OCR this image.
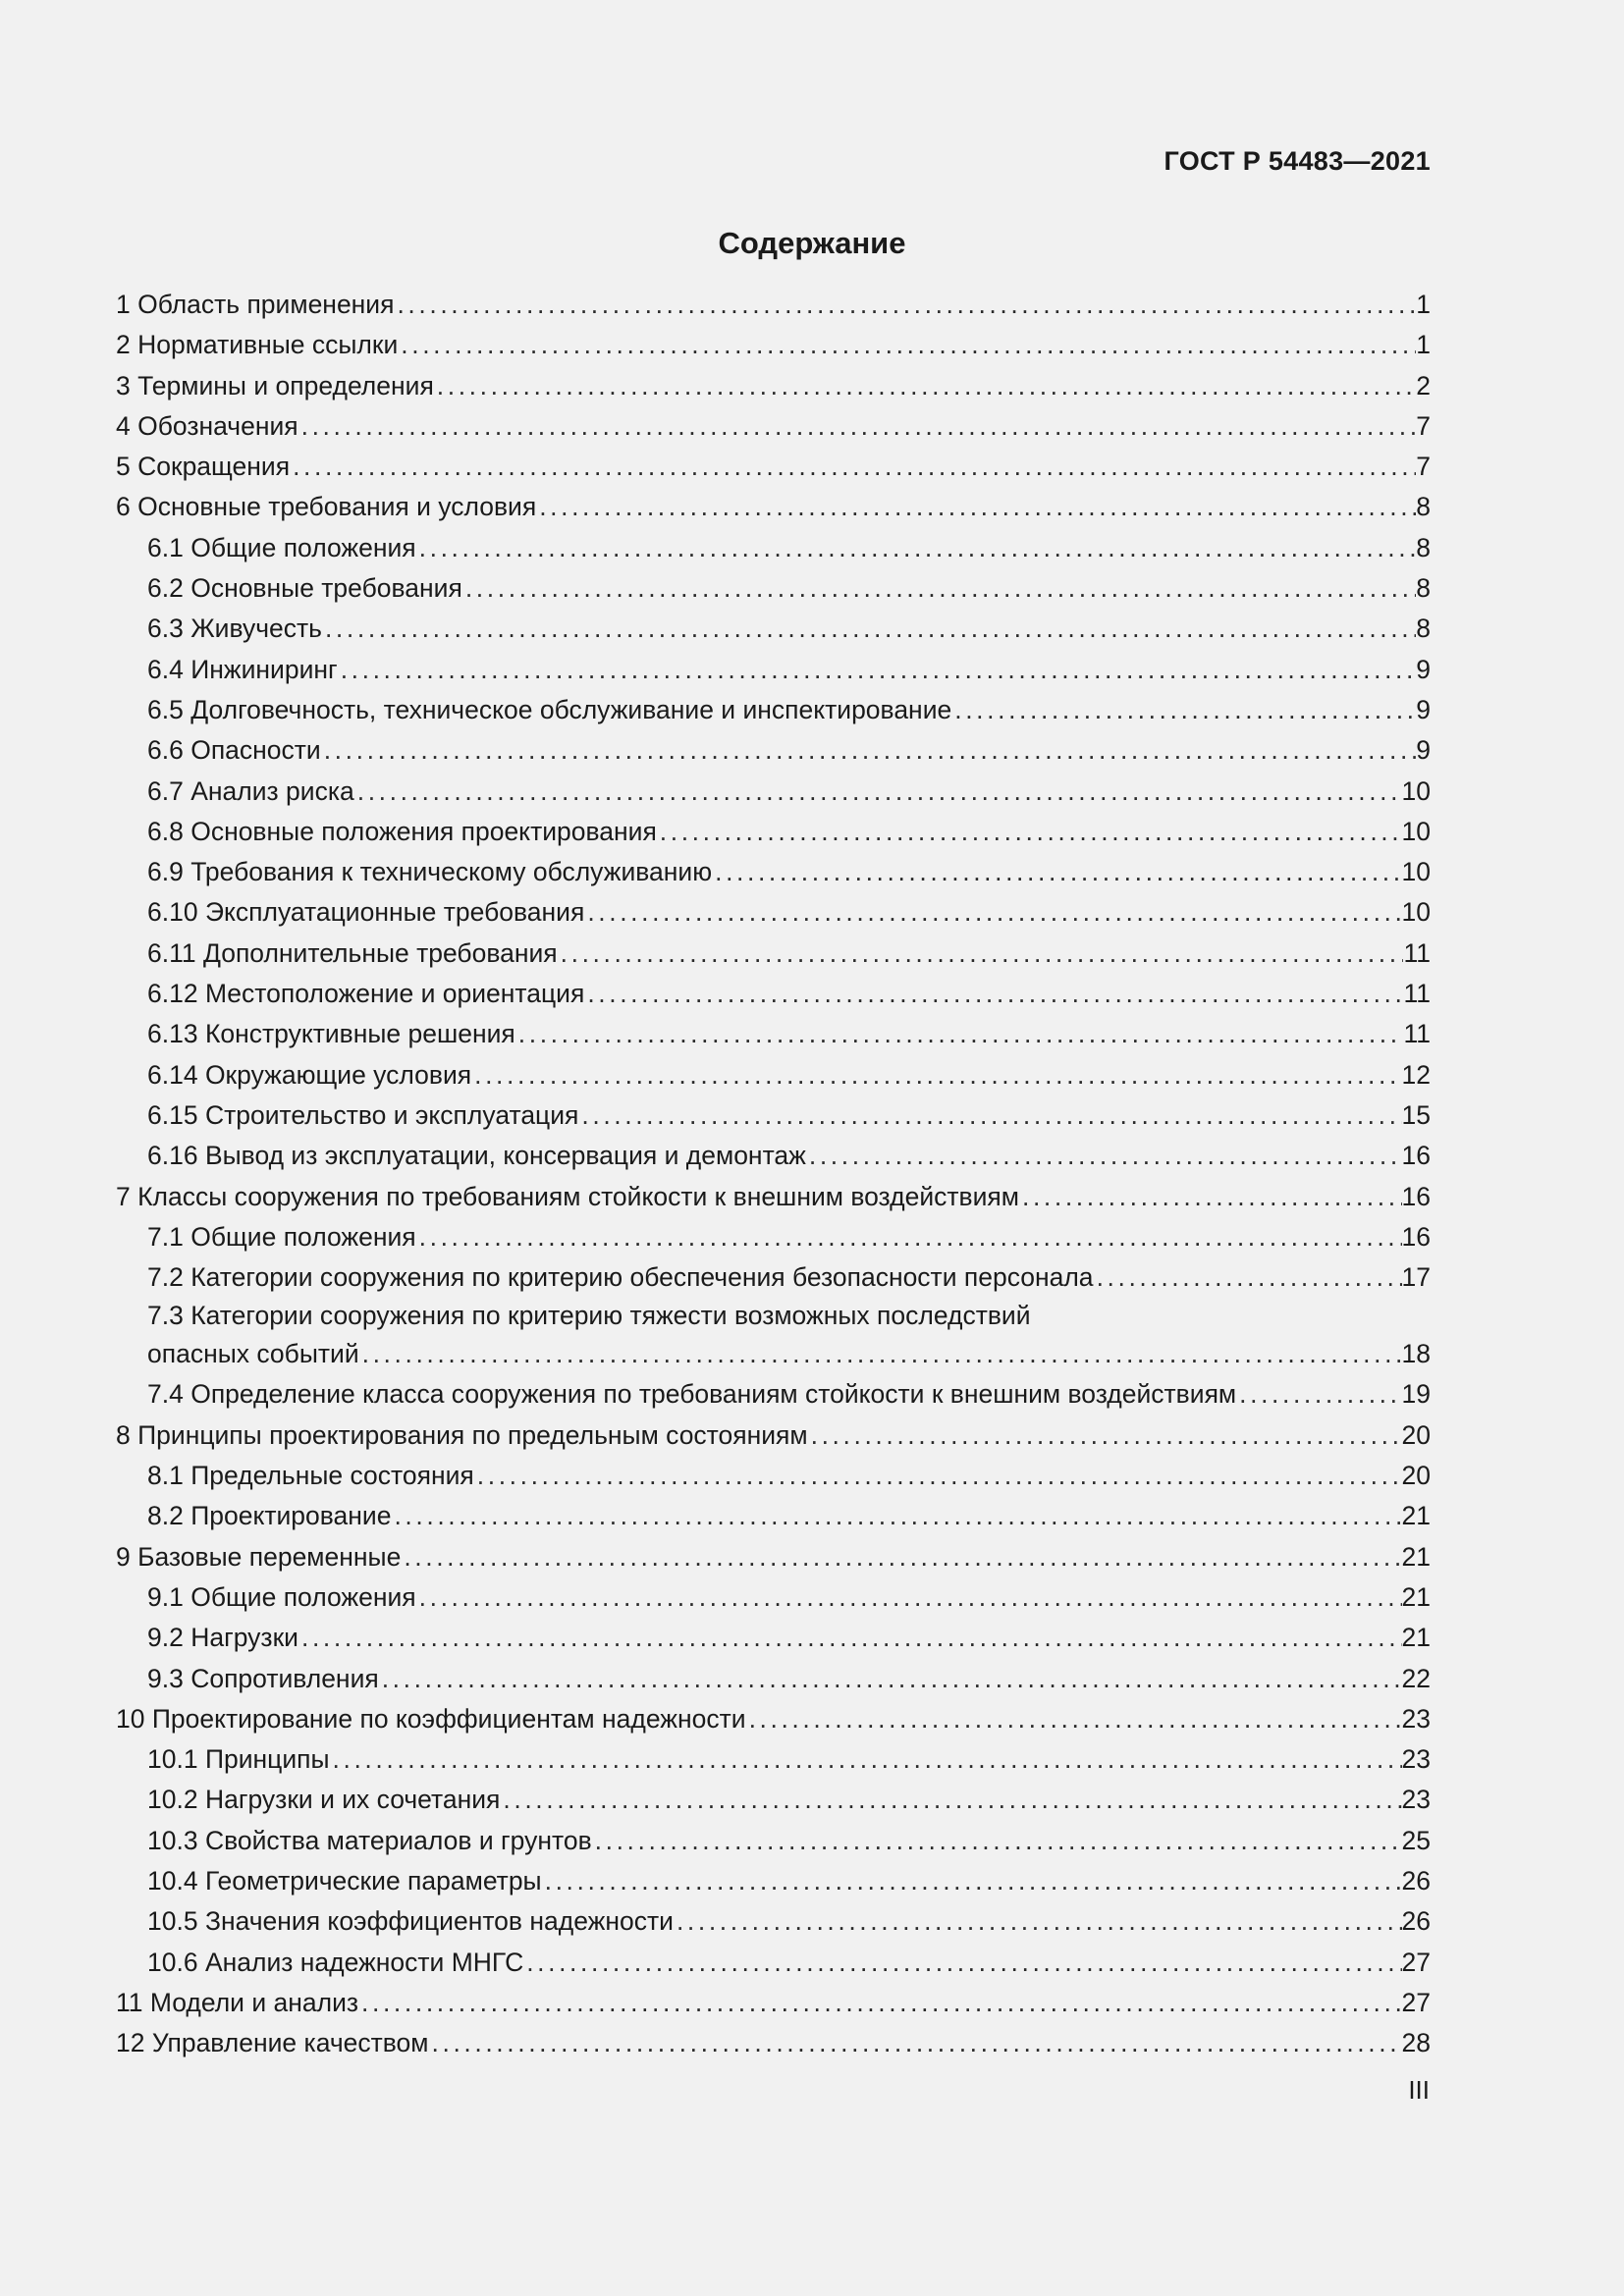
ГОСТ Р 54483—2021
Содержание
1 Область применения .....	1
2 Нормативные ссылки .....	1
3 Термины и определения .....	2
4 Обозначения .....	7
5 Сокращения .....	7
6 Основные требования и условия .....	8
6.1 Общие положения .....	8
6.2 Основные требования .....	8
6.3 Живучесть .....	8
6.4 Инжиниринг .....	9
6.5 Долговечность, техническое обслуживание и инспектирование .....	9
6.6 Опасности .....	9
6.7 Анализ риска .....	10
6.8 Основные положения проектирования .....	10
6.9 Требования к техническому обслуживанию .....	10
6.10 Эксплуатационные требования .....	10
6.11 Дополнительные требования .....	11
6.12 Местоположение и ориентация .....	11
6.13 Конструктивные решения .....	11
6.14 Окружающие условия .....	12
6.15 Строительство и эксплуатация .....	15
6.16 Вывод из эксплуатации, консервация и демонтаж .....	16
7 Классы сооружения по требованиям стойкости к внешним воздействиям .....	16
7.1 Общие положения .....	16
7.2 Категории сооружения по критерию обеспечения безопасности персонала .....	17
7.3 Категории сооружения по критерию тяжести возможных последствий
опасных событий .....	18
7.4 Определение класса сооружения по требованиям стойкости к внешним воздействиям .....	19
8 Принципы проектирования по предельным состояниям .....	20
8.1 Предельные состояния .....	20
8.2 Проектирование .....	21
9 Базовые переменные .....	21
9.1 Общие положения .....	21
9.2 Нагрузки .....	21
9.3 Сопротивления .....	22
10 Проектирование по коэффициентам надежности .....	23
10.1 Принципы .....	23
10.2 Нагрузки и их сочетания .....	23
10.3 Свойства материалов и грунтов .....	25
10.4 Геометрические параметры .....	26
10.5 Значения коэффициентов надежности .....	26
10.6 Анализ надежности МНГС .....	27
11 Модели и анализ .....	27
12 Управление качеством .....	28
III
